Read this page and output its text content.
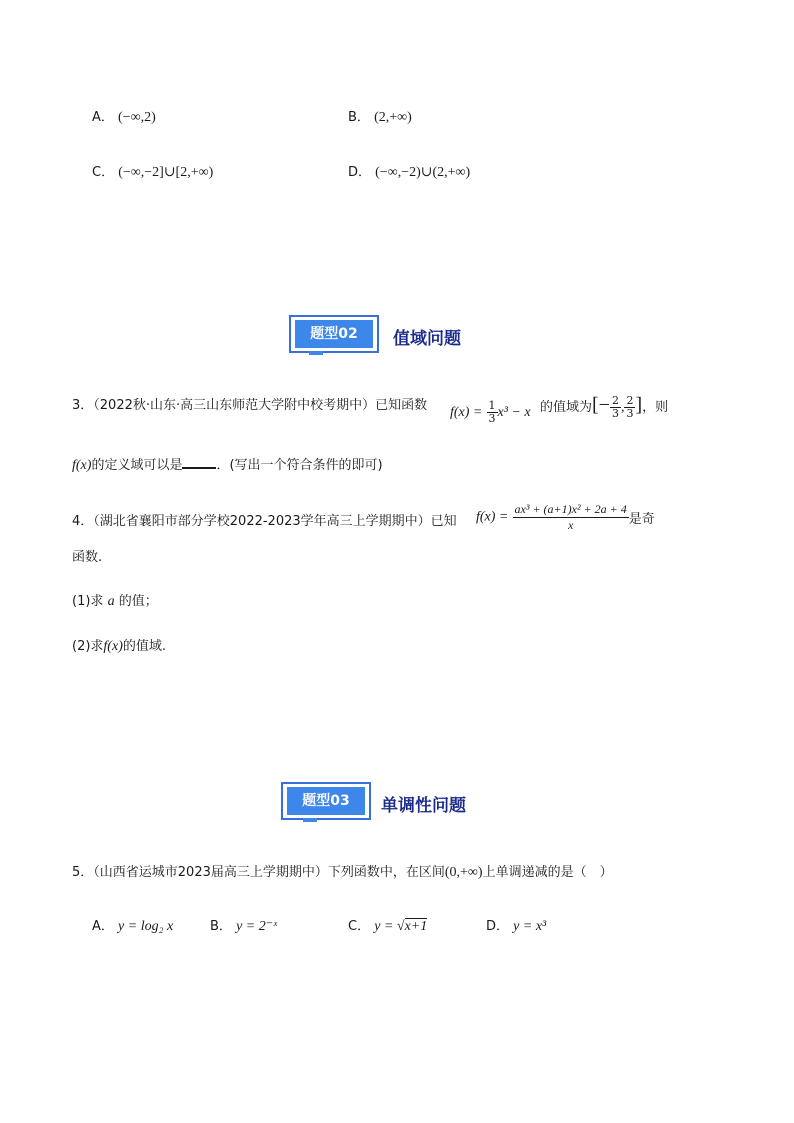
A． (−∞,2)	B． (2,+∞)
C． (−∞,−2]∪[2,+∞)	D． (−∞,−2)∪(2,+∞)
题型02	值域问题
3．（2022秋·山东·高三山东师范大学附中校考期中）已知函数 $f(x) = \frac{1}{3} x^3 - x$ 的值域为[− $\frac{2}{3}$ , $\frac{2}{3}$ ]，则
f(x)的定义域可以是	．(写出一个符合条件的即可)
4．（湖北省襄阳市部分学校2022-2023学年高三上学期期中）已知 $f(x) = \frac{\text{ax³ + (a+1)x² + 2a + 4}}{x}$ 是奇
函数.
(1)求 a 的值；
(2)求f(x)的值域.
题型03	单调性问题
5．（山西省运城市2023届高三上学期期中）下列函数中，在区间(0,+∞)上单调递减的是（　）
A． y = log₂ x	B． y = 2⁻ˣ	C． y = √x+1	D． y = x³
